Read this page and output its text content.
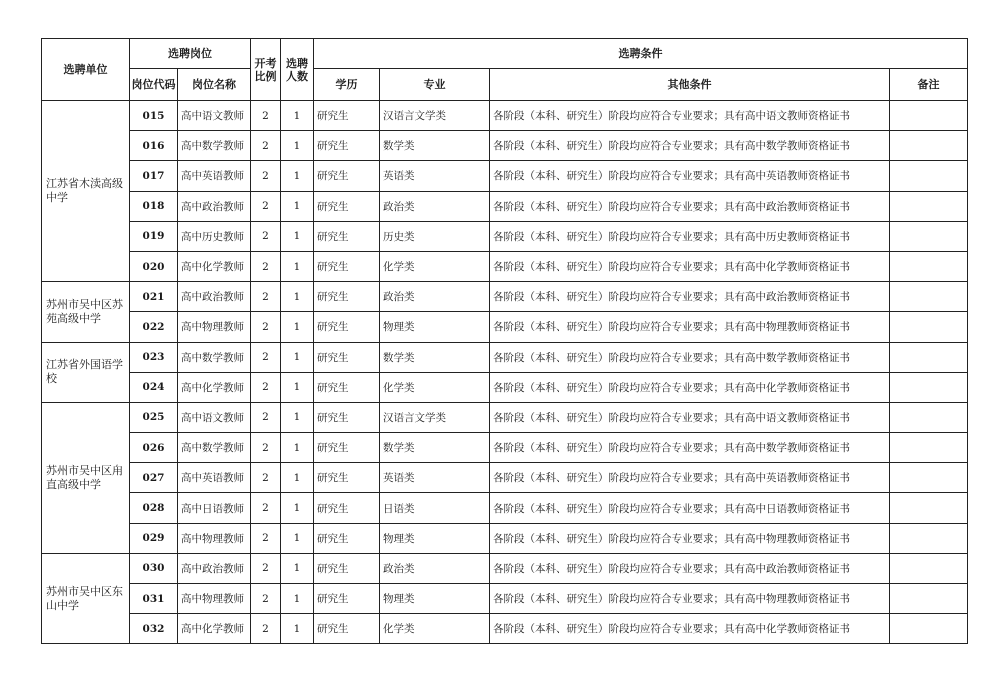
选聘单位	选聘岗位		开考比例	选聘人数	选聘条件			
	岗位代码	岗位名称			学历	专业	其他条件	备注
江苏省木渎高级中学	015	高中语文教师	2	1	研究生	汉语言文学类	各阶段（本科、研究生）阶段均应符合专业要求；具有高中语文教师资格证书	
	016	高中数学教师	2	1	研究生	数学类	各阶段（本科、研究生）阶段均应符合专业要求；具有高中数学教师资格证书	
	017	高中英语教师	2	1	研究生	英语类	各阶段（本科、研究生）阶段均应符合专业要求；具有高中英语教师资格证书	
	018	高中政治教师	2	1	研究生	政治类	各阶段（本科、研究生）阶段均应符合专业要求；具有高中政治教师资格证书	
	019	高中历史教师	2	1	研究生	历史类	各阶段（本科、研究生）阶段均应符合专业要求；具有高中历史教师资格证书	
	020	高中化学教师	2	1	研究生	化学类	各阶段（本科、研究生）阶段均应符合专业要求；具有高中化学教师资格证书	
苏州市吴中区苏苑高级中学	021	高中政治教师	2	1	研究生	政治类	各阶段（本科、研究生）阶段均应符合专业要求；具有高中政治教师资格证书	
	022	高中物理教师	2	1	研究生	物理类	各阶段（本科、研究生）阶段均应符合专业要求；具有高中物理教师资格证书	
江苏省外国语学校	023	高中数学教师	2	1	研究生	数学类	各阶段（本科、研究生）阶段均应符合专业要求；具有高中数学教师资格证书	
	024	高中化学教师	2	1	研究生	化学类	各阶段（本科、研究生）阶段均应符合专业要求；具有高中化学教师资格证书	
苏州市吴中区甪直高级中学	025	高中语文教师	2	1	研究生	汉语言文学类	各阶段（本科、研究生）阶段均应符合专业要求；具有高中语文教师资格证书	
	026	高中数学教师	2	1	研究生	数学类	各阶段（本科、研究生）阶段均应符合专业要求；具有高中数学教师资格证书	
	027	高中英语教师	2	1	研究生	英语类	各阶段（本科、研究生）阶段均应符合专业要求；具有高中英语教师资格证书	
	028	高中日语教师	2	1	研究生	日语类	各阶段（本科、研究生）阶段均应符合专业要求；具有高中日语教师资格证书	
	029	高中物理教师	2	1	研究生	物理类	各阶段（本科、研究生）阶段均应符合专业要求；具有高中物理教师资格证书	
苏州市吴中区东山中学	030	高中政治教师	2	1	研究生	政治类	各阶段（本科、研究生）阶段均应符合专业要求；具有高中政治教师资格证书	
	031	高中物理教师	2	1	研究生	物理类	各阶段（本科、研究生）阶段均应符合专业要求；具有高中物理教师资格证书	
	032	高中化学教师	2	1	研究生	化学类	各阶段（本科、研究生）阶段均应符合专业要求；具有高中化学教师资格证书	
